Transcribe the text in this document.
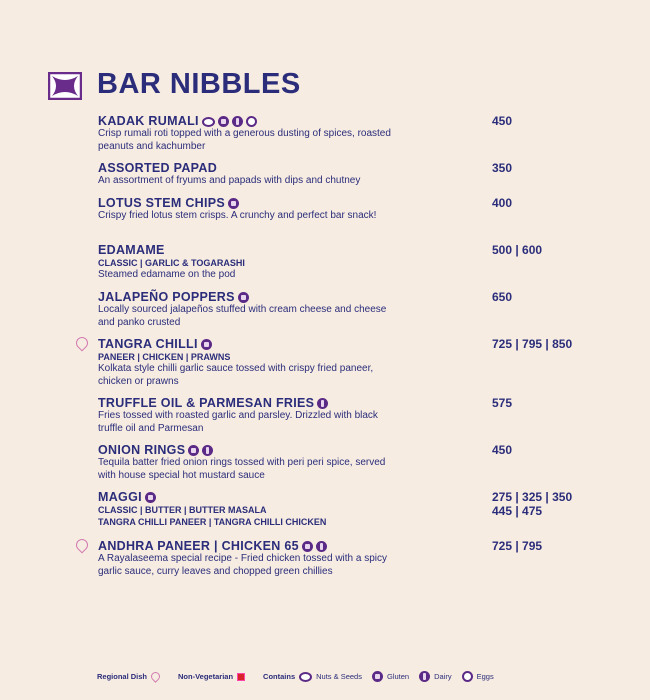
BAR NIBBLES
KADAK RUMALI
Crisp rumali roti topped with a generous dusting of spices, roasted peanuts and kachumber
450
ASSORTED PAPAD
An assortment of fryums and papads with dips and chutney
350
LOTUS STEM CHIPS
Crispy fried lotus stem crisps. A crunchy and perfect bar snack!
400
EDAMAME
CLASSIC | GARLIC & TOGARASHI
Steamed edamame on the pod
500 | 600
JALAPEÑO POPPERS
Locally sourced jalapeños stuffed with cream cheese and cheese and panko crusted
650
TANGRA CHILLI
PANEER | CHICKEN | PRAWNS
Kolkata style chilli garlic sauce tossed with crispy fried paneer, chicken or prawns
725 | 795 | 850
TRUFFLE OIL & PARMESAN FRIES
Fries tossed with roasted garlic and parsley. Drizzled with black truffle oil and Parmesan
575
ONION RINGS
Tequila batter fried onion rings tossed with peri peri spice, served with house special hot mustard sauce
450
MAGGI
CLASSIC | BUTTER | BUTTER MASALA
TANGRA CHILLI PANEER | TANGRA CHILLI CHICKEN
275 | 325 | 350
445 | 475
ANDHRA PANEER | CHICKEN 65
A Rayalaseema special recipe - Fried chicken tossed with a spicy garlic sauce, curry leaves and chopped green chillies
725 | 795
Regional Dish	Non-Vegetarian	Contains	Nuts & Seeds	Gluten	Dairy	Eggs
